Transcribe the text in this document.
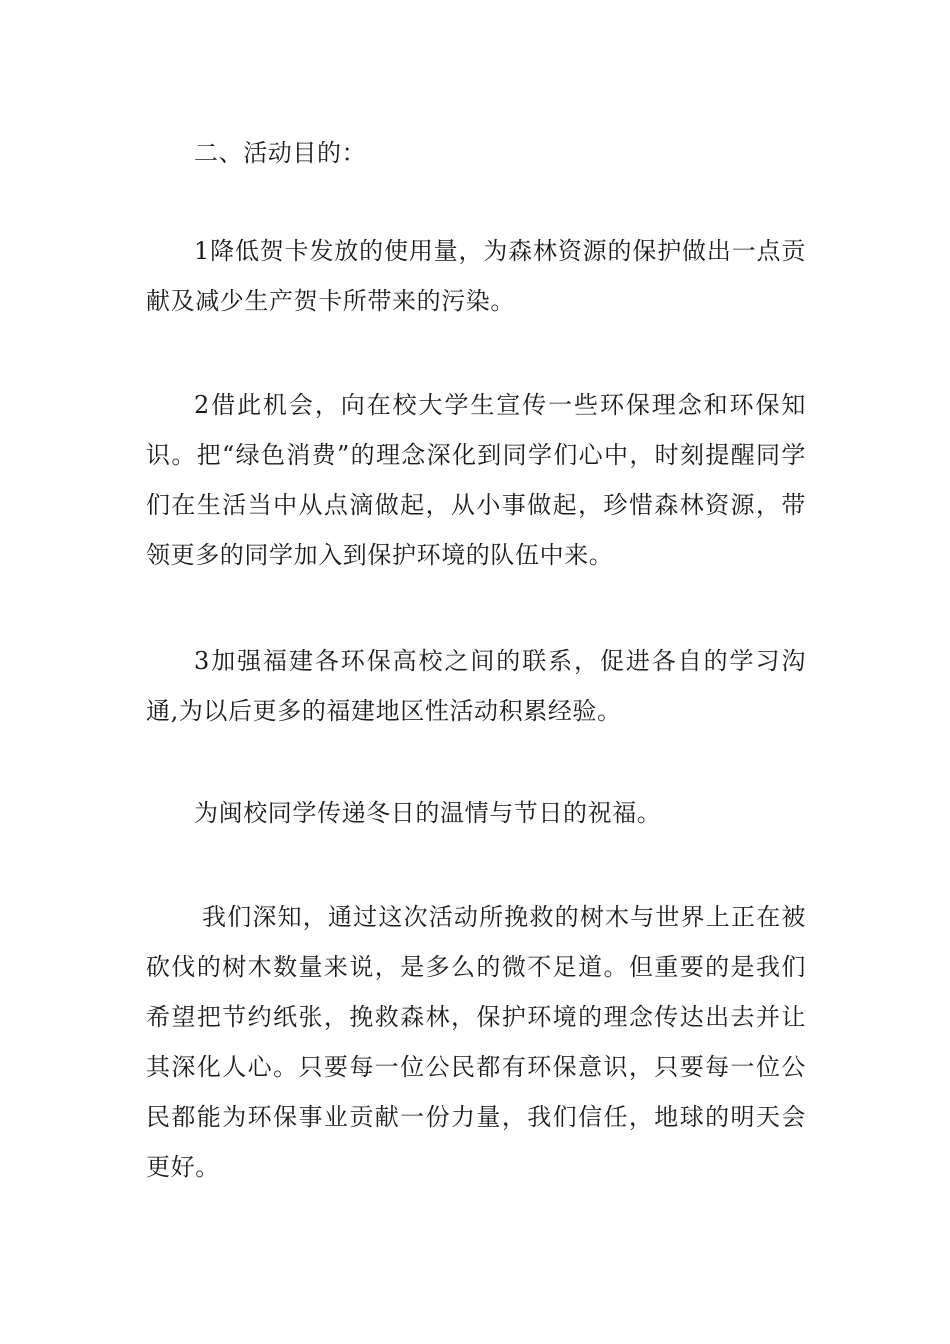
二、活动目的：

1降低贺卡发放的使用量，为森林资源的保护做出一点贡献及减少生产贺卡所带来的污染。

2借此机会，向在校大学生宣传一些环保理念和环保知识。把“绿色消费”的理念深化到同学们心中，时刻提醒同学们在生活当中从点滴做起，从小事做起，珍惜森林资源，带领更多的同学加入到保护环境的队伍中来。

3加强福建各环保高校之间的联系，促进各自的学习沟通,为以后更多的福建地区性活动积累经验。

为闽校同学传递冬日的温情与节日的祝福。

我们深知，通过这次活动所挽救的树木与世界上正在被砍伐的树木数量来说，是多么的微不足道。但重要的是我们希望把节约纸张，挽救森林，保护环境的理念传达出去并让其深化人心。只要每一位公民都有环保意识，只要每一位公民都能为环保事业贡献一份力量，我们信任，地球的明天会更好。
